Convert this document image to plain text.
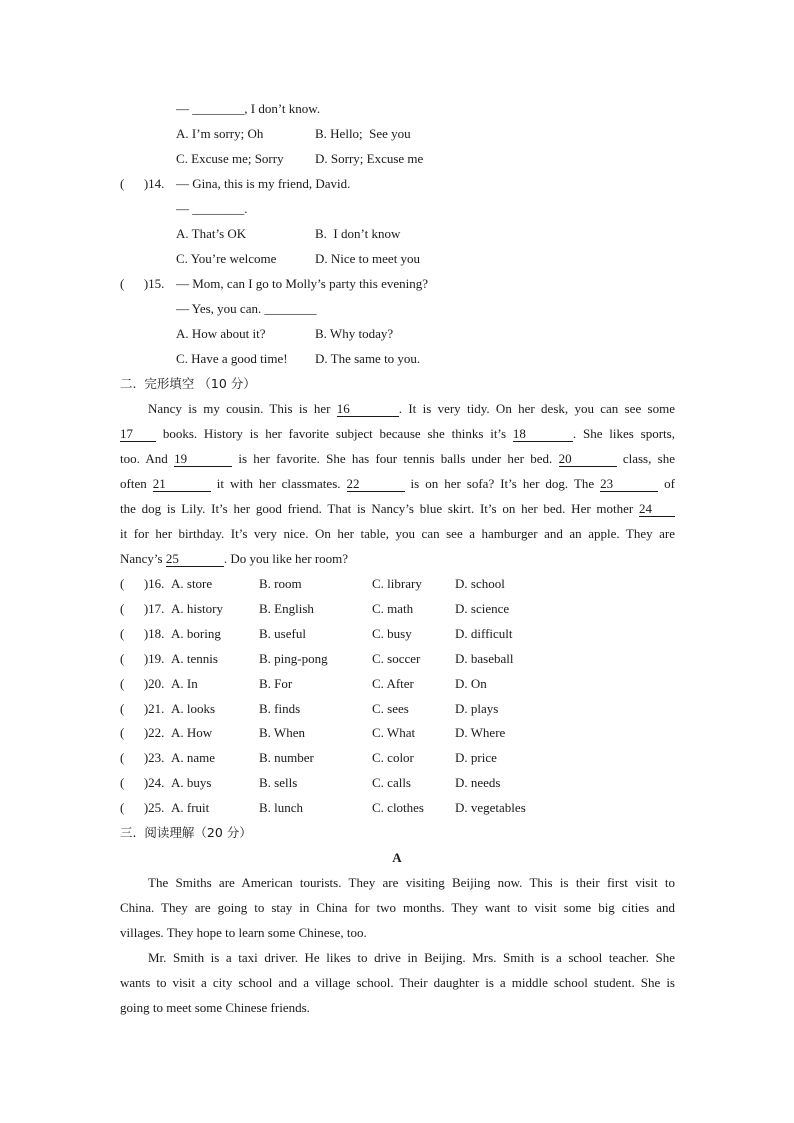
— ________, I don’t know.
A. I’m sorry; Oh	B. Hello;  See you
C. Excuse me; Sorry D. Sorry; Excuse me
(      )14. — Gina, this is my friend, David.
— ________.
A. That’s OK	B.  I don’t know
C. You’re welcome	D. Nice to meet you
(      )15. — Mom, can I go to Molly’s party this evening?
— Yes, you can. ________
A. How about it?	B. Why today?
C. Have a good time! D. The same to you.
二.  完形填空 （10 分）
Nancy is my cousin. This is her 16	. It is very tidy. On her desk, you can see some
17 books. History is her favorite subject because she thinks it’s 18	. She likes sports,
too. And 19	is her favorite. She has four tennis balls under her bed. 20	class, she
often 21	it with her classmates. 22	is on her sofa? It’s her dog. The 23	of
the dog is Lily. It’s her good friend. That is Nancy’s blue skirt. It’s on her bed. Her mother 24
it for her birthday. It’s very nice. On her table, you can see a hamburger and an apple. They are
Nancy’s 25	. Do you like her room?
(      )16. A. store	B. room	C. library	D. school
(      )17. A. history	B. English	C. math	D. science
(      )18. A. boring	B. useful	C. busy	D. difficult
(      )19. A. tennis	B. ping-pong	C. soccer	D. baseball
(      )20. A. In	B. For	C. After	D. On
(      )21. A. looks	B. finds	C. sees	D. plays
(      )22. A. How	B. When	C. What	D. Where
(      )23. A. name	B. number	C. color	D. price
(      )24. A. buys	B. sells	C. calls	D. needs
(      )25. A. fruit	B. lunch	C. clothes D. vegetables
三.  阅读理解（20 分）
A
The Smiths are American tourists. They are visiting Beijing now. This is their first visit to
China. They are going to stay in China for two months. They want to visit some big cities and
villages. They hope to learn some Chinese, too.
Mr. Smith is a taxi driver. He likes to drive in Beijing. Mrs. Smith is a school teacher. She
wants to visit a city school and a village school. Their daughter is a middle school student. She is
going to meet some Chinese friends.
